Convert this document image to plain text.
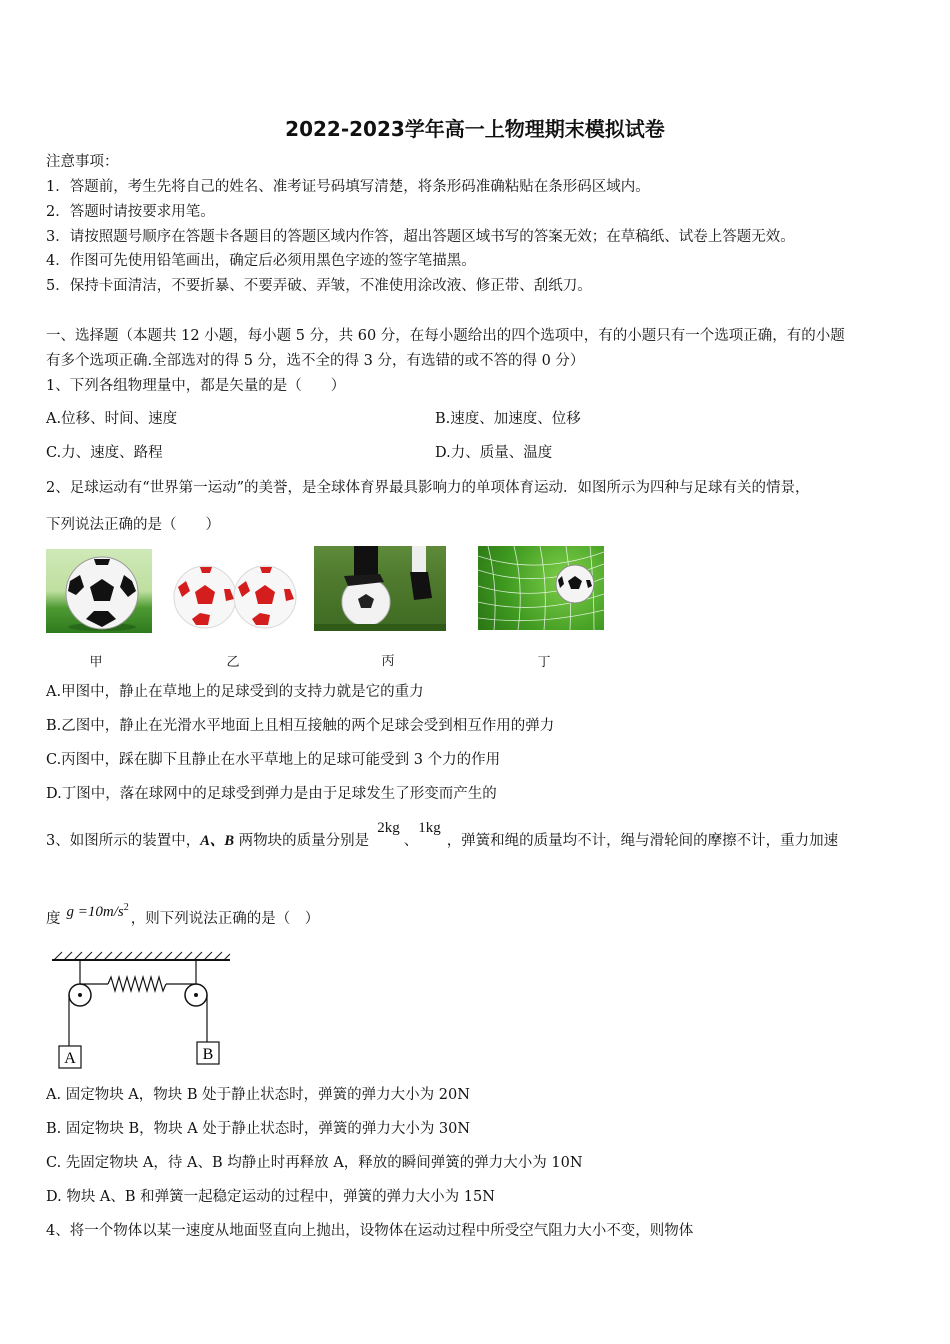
2022-2023学年高一上物理期末模拟试卷
注意事项：
1．答题前，考生先将自己的姓名、准考证号码填写清楚，将条形码准确粘贴在条形码区域内。
2．答题时请按要求用笔。
3．请按照题号顺序在答题卡各题目的答题区域内作答，超出答题区域书写的答案无效；在草稿纸、试卷上答题无效。
4．作图可先使用铅笔画出，确定后必须用黑色字迹的签字笔描黑。
5．保持卡面清洁，不要折暴、不要弄破、弄皱，不准使用涂改液、修正带、刮纸刀。
一、选择题（本题共 12 小题，每小题 5 分，共 60 分，在每小题给出的四个选项中，有的小题只有一个选项正确，有的小题
有多个选项正确.全部选对的得 5 分，选不全的得 3 分，有选错的或不答的得 0 分）
1、下列各组物理量中，都是矢量的是（　　）
A.位移、时间、速度	B.速度、加速度、位移
C.力、速度、路程	D.力、质量、温度
2、足球运动有“世界第一运动”的美誉，是全球体育界最具影响力的单项体育运动．如图所示为四种与足球有关的情景，
下列说法正确的是（　　）
甲	乙	丙	丁
A.甲图中，静止在草地上的足球受到的支持力就是它的重力
B.乙图中，静止在光滑水平地面上且相互接触的两个足球会受到相互作用的弹力
C.丙图中，踩在脚下且静止在水平草地上的足球可能受到 3 个力的作用
D.丁图中，落在球网中的足球受到弹力是由于足球发生了形变而产生的
3、如图所示的装置中，A、B 两物块的质量分别是2kg、1kg，弹簧和绳的质量均不计，绳与滑轮间的摩擦不计，重力加速
度 $g =10m/s^2$，则下列说法正确的是（　）
A	B
A. 固定物块 A，物块 B 处于静止状态时，弹簧的弹力大小为 20N
B. 固定物块 B，物块 A 处于静止状态时，弹簧的弹力大小为 30N
C. 先固定物块 A，待 A、B 均静止时再释放 A，释放的瞬间弹簧的弹力大小为 10N
D. 物块 A、B 和弹簧一起稳定运动的过程中，弹簧的弹力大小为 15N
4、将一个物体以某一速度从地面竖直向上抛出，设物体在运动过程中所受空气阻力大小不变，则物体
